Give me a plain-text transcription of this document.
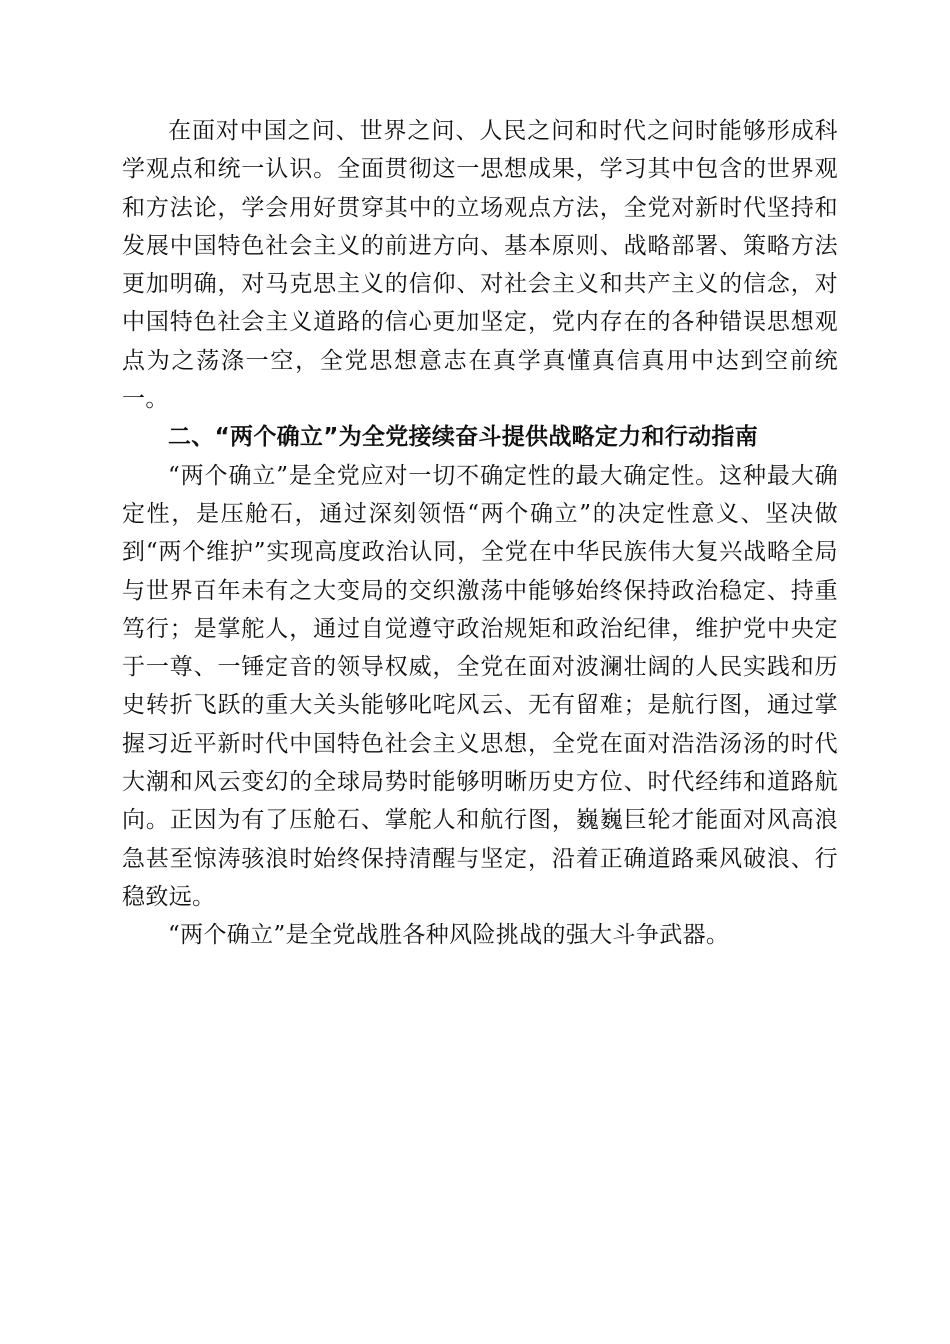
在面对中国之问、世界之问、人民之问和时代之问时能够形成科学观点和统一认识。全面贯彻这一思想成果，学习其中包含的世界观和方法论，学会用好贯穿其中的立场观点方法，全党对新时代坚持和发展中国特色社会主义的前进方向、基本原则、战略部署、策略方法更加明确，对马克思主义的信仰、对社会主义和共产主义的信念，对中国特色社会主义道路的信心更加坚定，党内存在的各种错误思想观点为之荡涤一空，全党思想意志在真学真懂真信真用中达到空前统一。

二、“两个确立”为全党接续奋斗提供战略定力和行动指南

“两个确立”是全党应对一切不确定性的最大确定性。这种最大确定性，是压舱石，通过深刻领悟“两个确立”的决定性意义、坚决做到“两个维护”实现高度政治认同，全党在中华民族伟大复兴战略全局与世界百年未有之大变局的交织激荡中能够始终保持政治稳定、持重笃行；是掌舵人，通过自觉遵守政治规矩和政治纪律，维护党中央定于一尊、一锤定音的领导权威，全党在面对波澜壮阔的人民实践和历史转折飞跃的重大关头能够叱咤风云、无有留难；是航行图，通过掌握习近平新时代中国特色社会主义思想，全党在面对浩浩汤汤的时代大潮和风云变幻的全球局势时能够明晰历史方位、时代经纬和道路航向。正因为有了压舱石、掌舵人和航行图，巍巍巨轮才能面对风高浪急甚至惊涛骇浪时始终保持清醒与坚定，沿着正确道路乘风破浪、行稳致远。

“两个确立”是全党战胜各种风险挑战的强大斗争武器。
